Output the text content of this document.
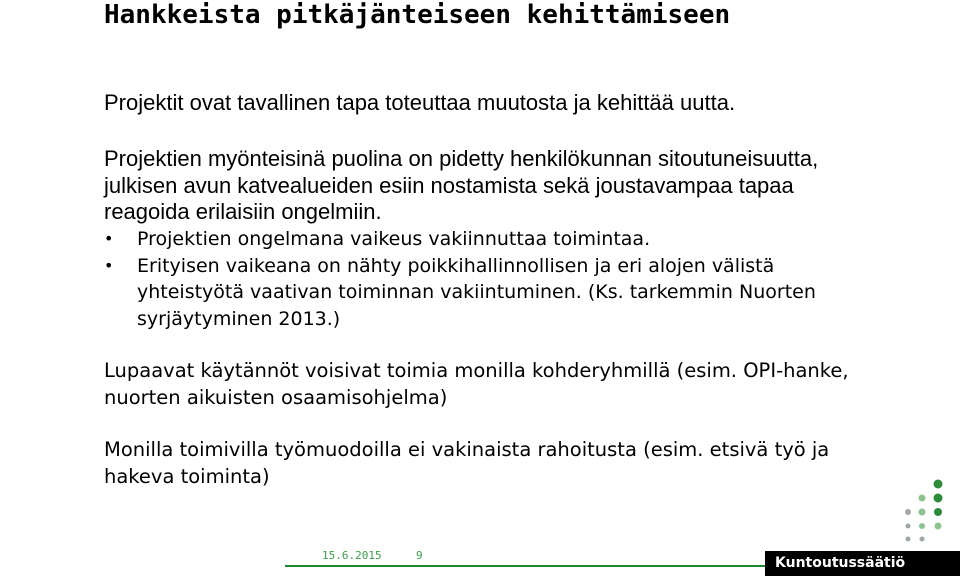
Hankkeista pitkäjänteiseen kehittämiseen
Projektit ovat tavallinen tapa toteuttaa muutosta ja kehittää uutta.
Projektien myönteisinä puolina on pidetty henkilökunnan sitoutuneisuutta, julkisen avun katvealueiden esiin nostamista sekä joustavampaa tapaa reagoida erilaisiin ongelmiin.
• Projektien ongelmana vaikeus vakiinnuttaa toimintaa.
• Erityisen vaikeana on nähty poikkihallinnollisen ja eri alojen välistä yhteistyötä vaativan toiminnan vakiintuminen. (Ks. tarkemmin Nuorten syrjäytyminen 2013.)
Lupaavat käytännöt voisivat toimia monilla kohderyhmillä (esim. OPI-hanke, nuorten aikuisten osaamisohjelma)
Monilla toimivilla työmuodoilla ei vakinaista rahoitusta (esim. etsivä työ ja hakeva toiminta)
15.6.2015	9	Kuntoutussäätiö
